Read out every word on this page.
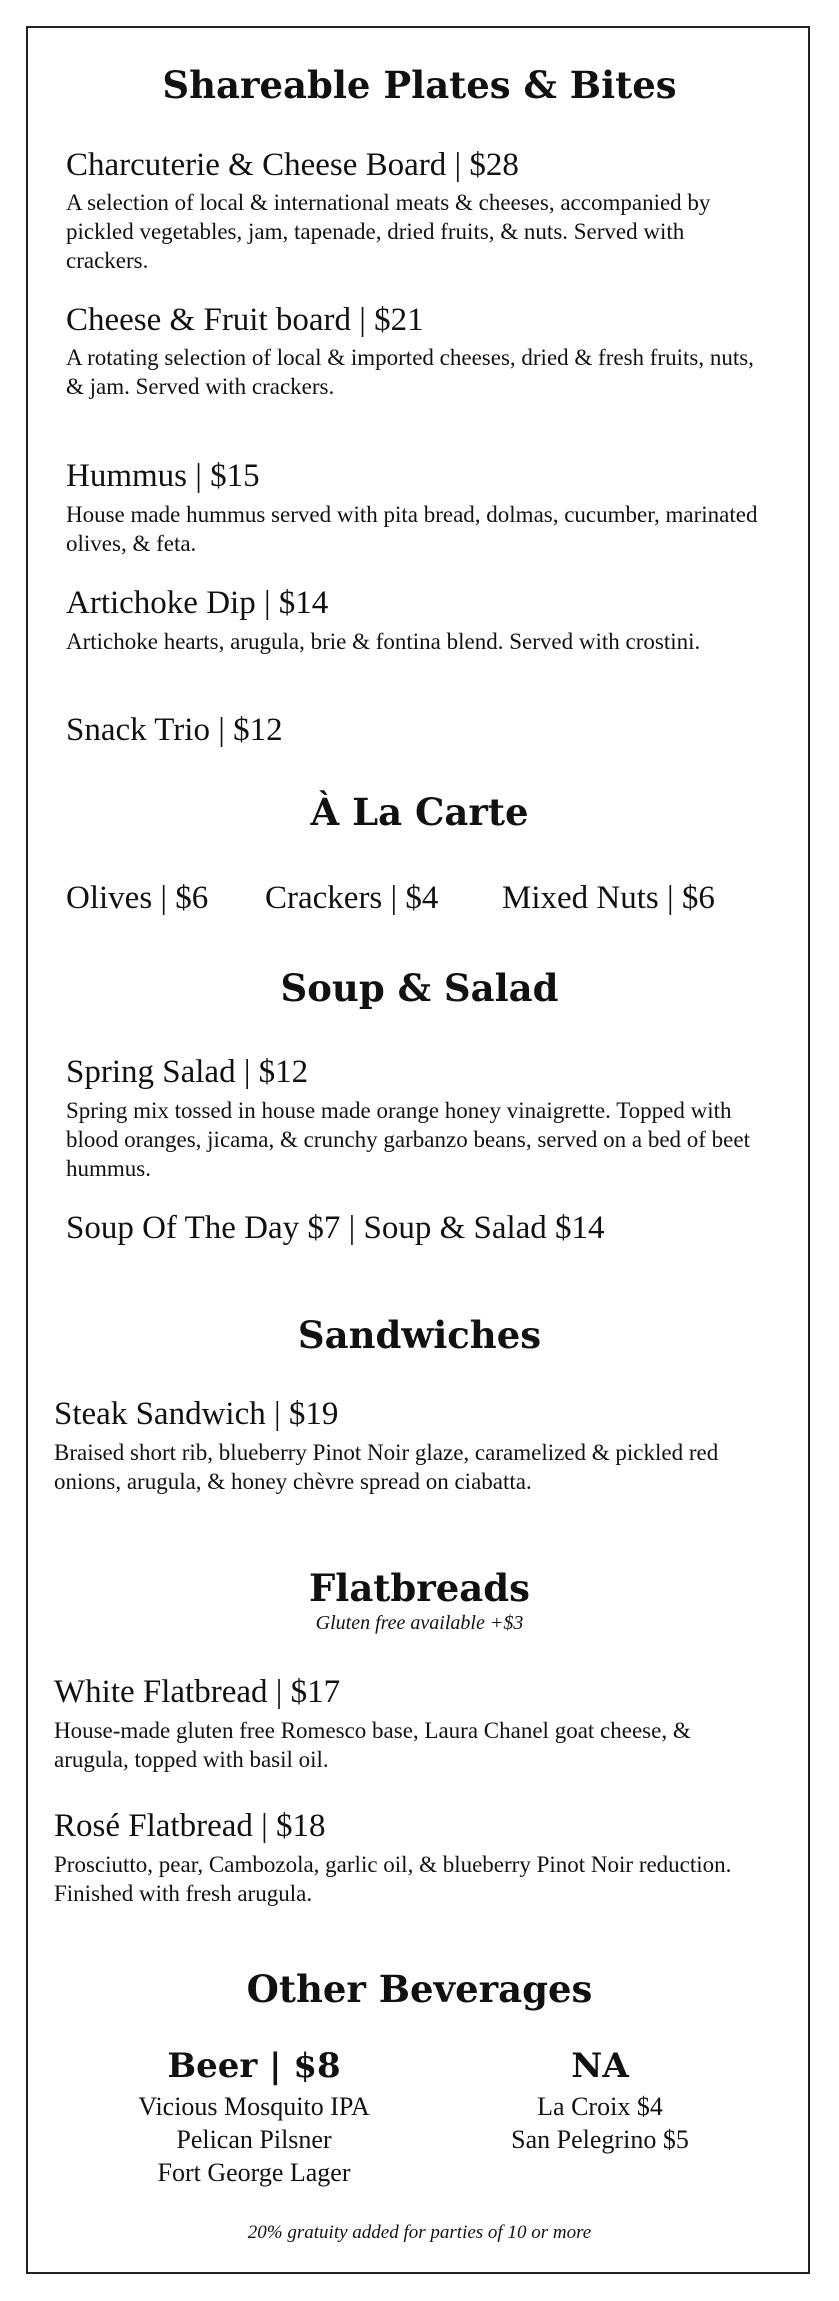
Shareable Plates & Bites
Charcuterie & Cheese Board | $28
A selection of local & international meats & cheeses, accompanied by pickled vegetables, jam, tapenade, dried fruits, & nuts. Served with crackers.
Cheese & Fruit board | $21
A rotating selection of local & imported cheeses, dried & fresh fruits, nuts, & jam. Served with crackers.
Hummus | $15
House made hummus served with pita bread, dolmas, cucumber, marinated olives, & feta.
Artichoke Dip | $14
Artichoke hearts, arugula, brie & fontina blend. Served with crostini.
Snack Trio | $12
À La Carte
Olives | $6 Crackers | $4 Mixed Nuts | $6
Soup & Salad
Spring Salad | $12
Spring mix tossed in house made orange honey vinaigrette. Topped with blood oranges, jicama, & crunchy garbanzo beans, served on a bed of beet hummus.
Soup Of The Day $7 | Soup & Salad $14
Sandwiches
Steak Sandwich | $19
Braised short rib, blueberry Pinot Noir glaze, caramelized & pickled red onions, arugula, & honey chèvre spread on ciabatta.
Flatbreads
Gluten free available +$3
White Flatbread | $17
House-made gluten free Romesco base, Laura Chanel goat cheese, & arugula, topped with basil oil.
Rosé Flatbread | $18
Prosciutto, pear, Cambozola, garlic oil, & blueberry Pinot Noir reduction. Finished with fresh arugula.
Other Beverages
Beer | $8
Vicious Mosquito IPA
Pelican Pilsner
Fort George Lager
NA
La Croix $4
San Pelegrino $5
20% gratuity added for parties of 10 or more
